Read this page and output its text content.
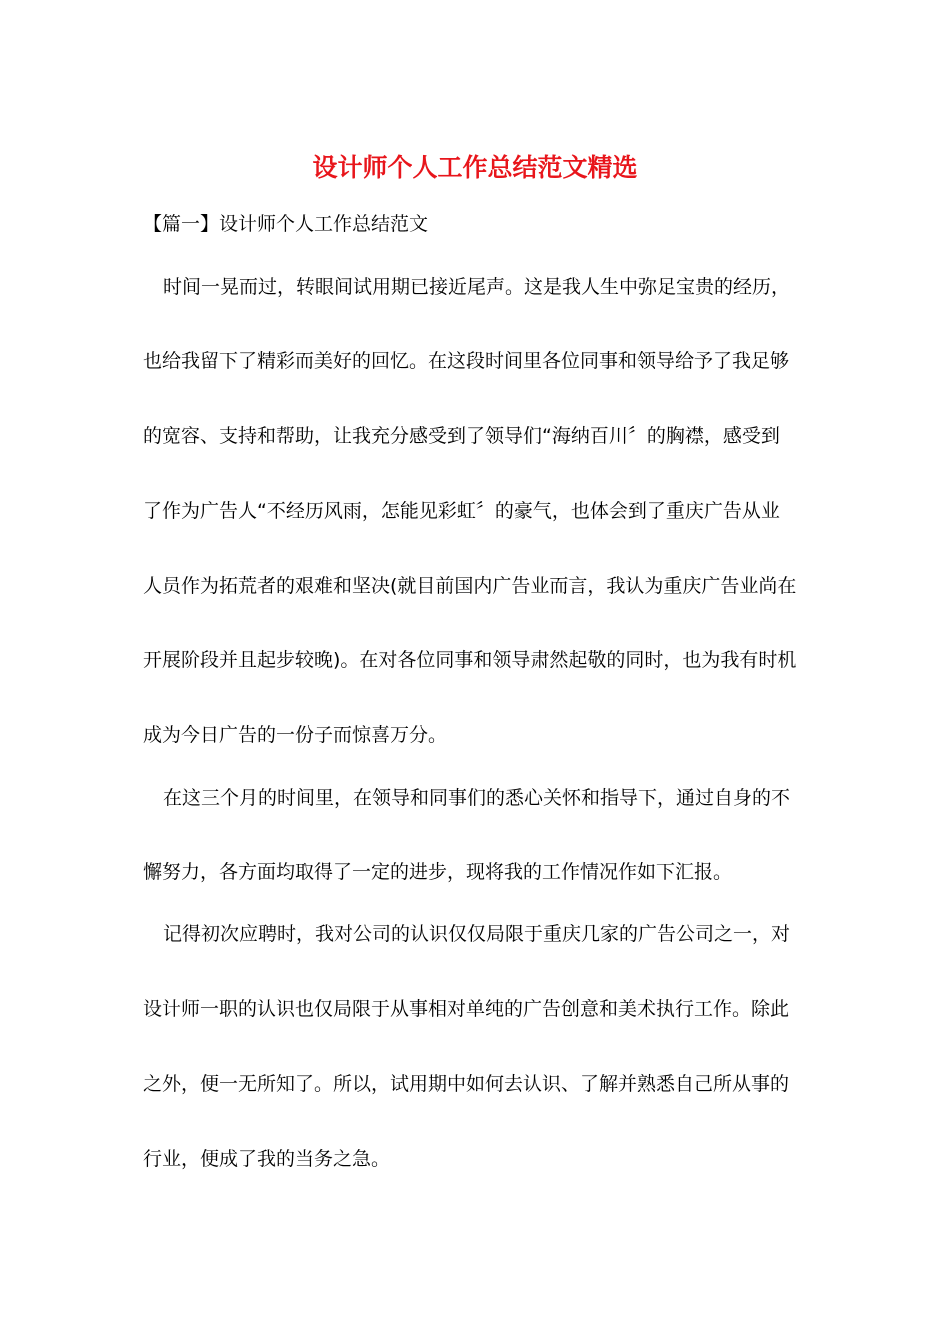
设计师个人工作总结范文精选

【篇一】设计师个人工作总结范文

时间一晃而过，转眼间试用期已接近尾声。这是我人生中弥足宝贵的经历，

也给我留下了精彩而美好的回忆。在这段时间里各位同事和领导给予了我足够

的宽容、支持和帮助，让我充分感受到了领导们“海纳百川〞的胸襟，感受到

了作为广告人“不经历风雨，怎能见彩虹〞的豪气，也体会到了重庆广告从业

人员作为拓荒者的艰难和坚决(就目前国内广告业而言，我认为重庆广告业尚在

开展阶段并且起步较晚)。在对各位同事和领导肃然起敬的同时，也为我有时机

成为今日广告的一份子而惊喜万分。

在这三个月的时间里，在领导和同事们的悉心关怀和指导下，通过自身的不

懈努力，各方面均取得了一定的进步，现将我的工作情况作如下汇报。

记得初次应聘时，我对公司的认识仅仅局限于重庆几家的广告公司之一，对

设计师一职的认识也仅局限于从事相对单纯的广告创意和美术执行工作。除此

之外，便一无所知了。所以，试用期中如何去认识、了解并熟悉自己所从事的

行业，便成了我的当务之急。
